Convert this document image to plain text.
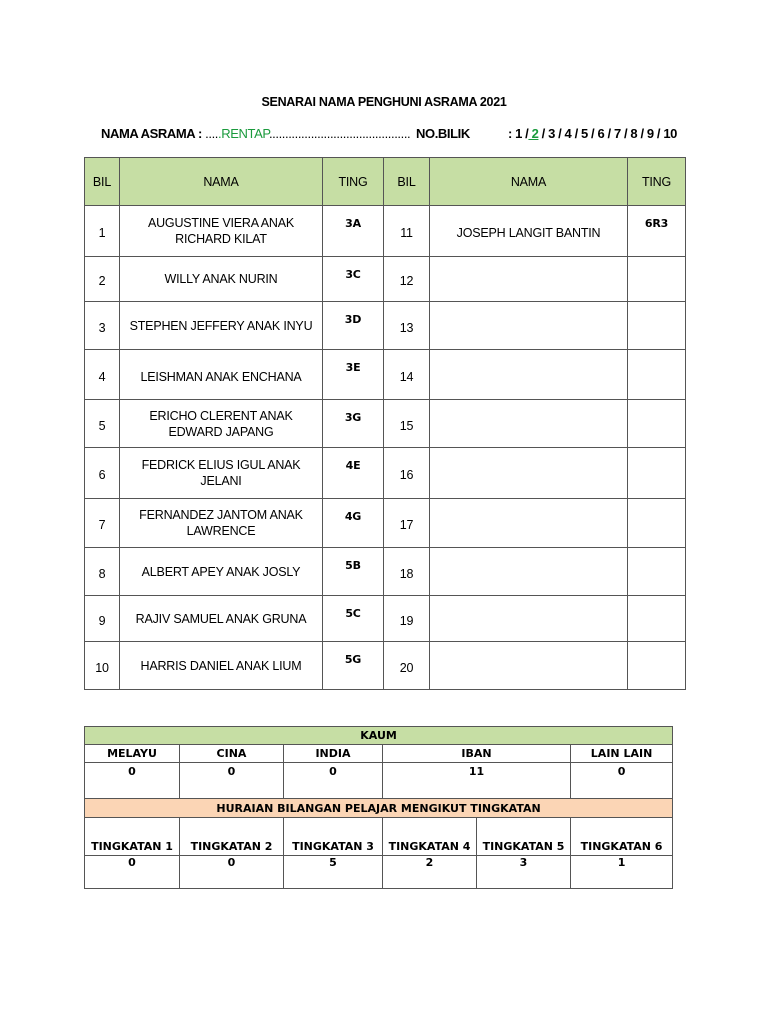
SENARAI NAMA PENGHUNI ASRAMA 2021
NAMA ASRAMA : .....RENTAP............................................ NO.BILIK	: 1 / 2 / 3 / 4 / 5 / 6 / 7 / 8 / 9 / 10
BIL	NAMA	TING	BIL	NAMA	TING
1	AUGUSTINE VIERA ANAK RICHARD KILAT	3A	11	JOSEPH LANGIT BANTIN	6R3
2	WILLY ANAK NURIN	3C	12		
3	STEPHEN JEFFERY ANAK INYU	3D	13		
4	LEISHMAN ANAK ENCHANA	3E	14		
5	ERICHO CLERENT ANAK EDWARD JAPANG	3G	15		
6	FEDRICK ELIUS IGUL ANAK JELANI	4E	16		
7	FERNANDEZ JANTOM ANAK LAWRENCE	4G	17		
8	ALBERT APEY ANAK JOSLY	5B	18		
9	RAJIV SAMUEL ANAK GRUNA	5C	19		
10	HARRIS DANIEL ANAK LIUM	5G	20		
KAUM					
MELAYU	CINA	INDIA	IBAN		LAIN LAIN
0	0	0	11		0
HURAIAN BILANGAN PELAJAR MENGIKUT TINGKATAN					
TINGKATAN 1	TINGKATAN 2	TINGKATAN 3	TINGKATAN 4	TINGKATAN 5	TINGKATAN 6
0	0	5	2	3	1
